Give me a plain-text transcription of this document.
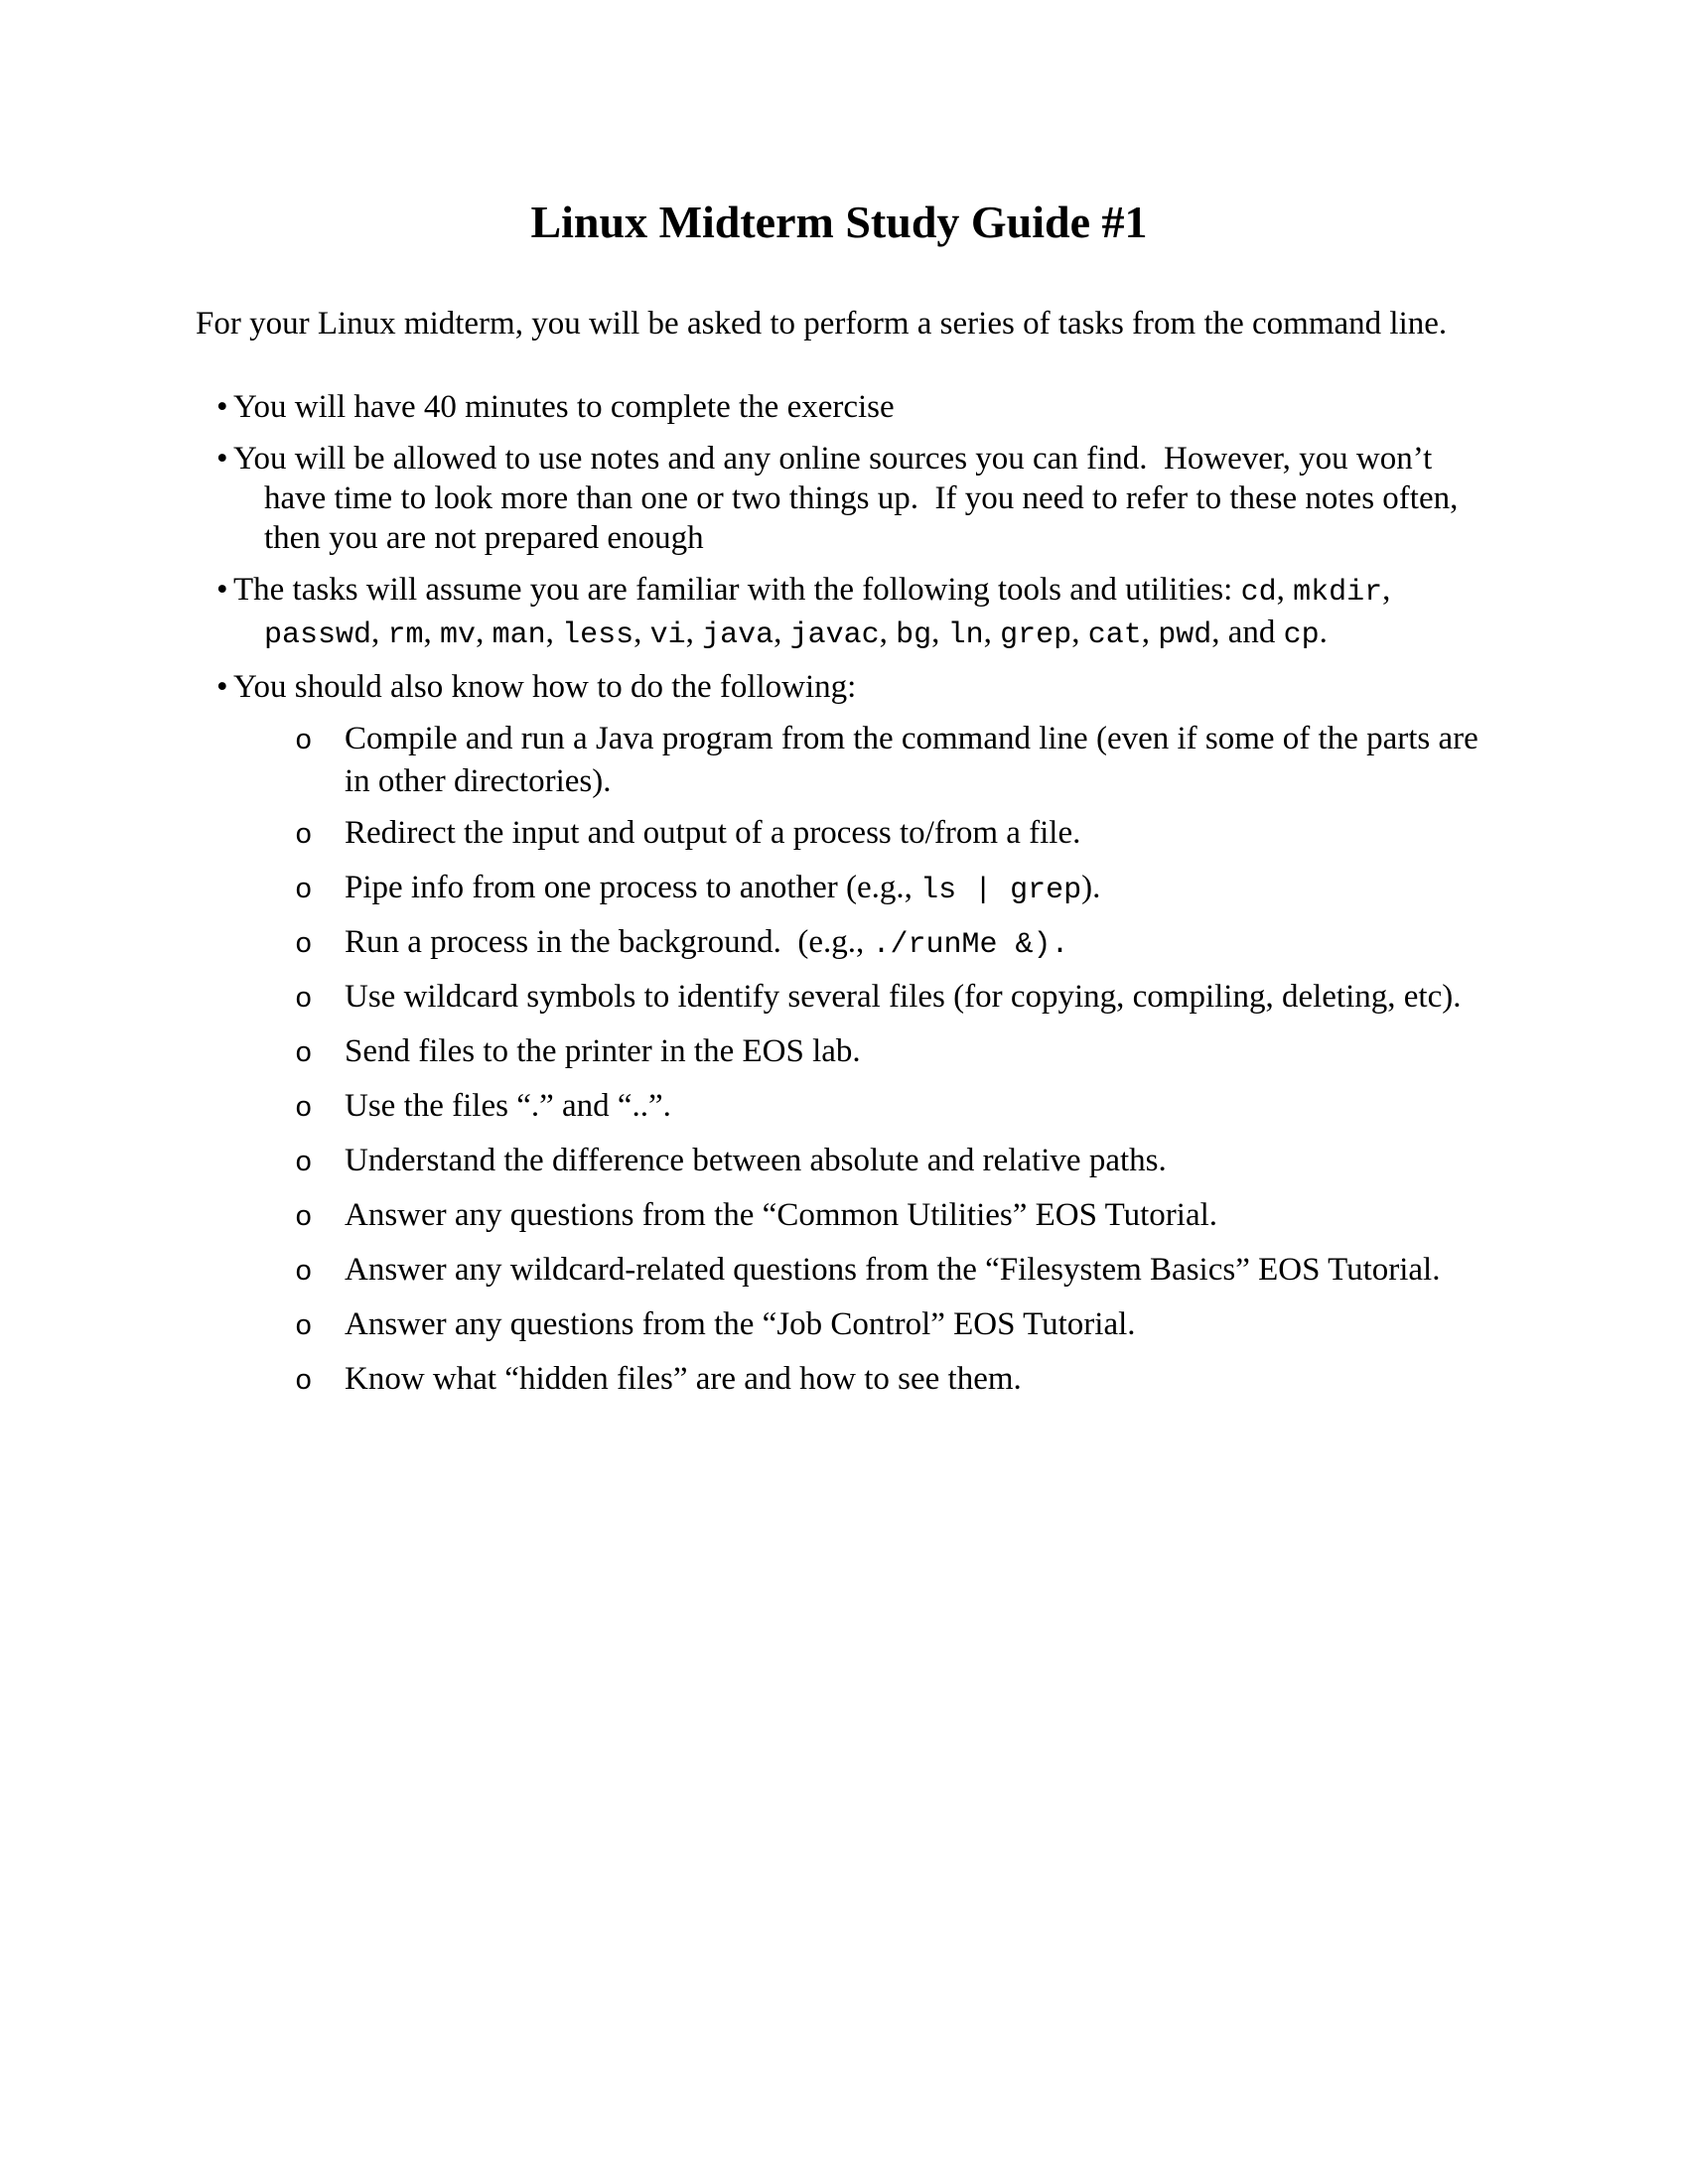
Linux Midterm Study Guide #1
For your Linux midterm, you will be asked to perform a series of tasks from the command line.
• You will have 40 minutes to complete the exercise
• You will be allowed to use notes and any online sources you can find.  However, you won’t have time to look more than one or two things up.  If you need to refer to these notes often, then you are not prepared enough
• The tasks will assume you are familiar with the following tools and utilities: cd, mkdir, passwd, rm, mv, man, less, vi, java, javac, bg, ln, grep, cat, pwd, and cp.
• You should also know how to do the following:
o Compile and run a Java program from the command line (even if some of the parts are in other directories).
o Redirect the input and output of a process to/from a file.
o Pipe info from one process to another (e.g., ls | grep).
o Run a process in the background.  (e.g., ./runMe &).
o Use wildcard symbols to identify several files (for copying, compiling, deleting, etc).
o Send files to the printer in the EOS lab.
o Use the files “.” and “..”.
o Understand the difference between absolute and relative paths.
o Answer any questions from the “Common Utilities” EOS Tutorial.
o Answer any wildcard-related questions from the “Filesystem Basics” EOS Tutorial.
o Answer any questions from the “Job Control” EOS Tutorial.
o Know what “hidden files” are and how to see them.
